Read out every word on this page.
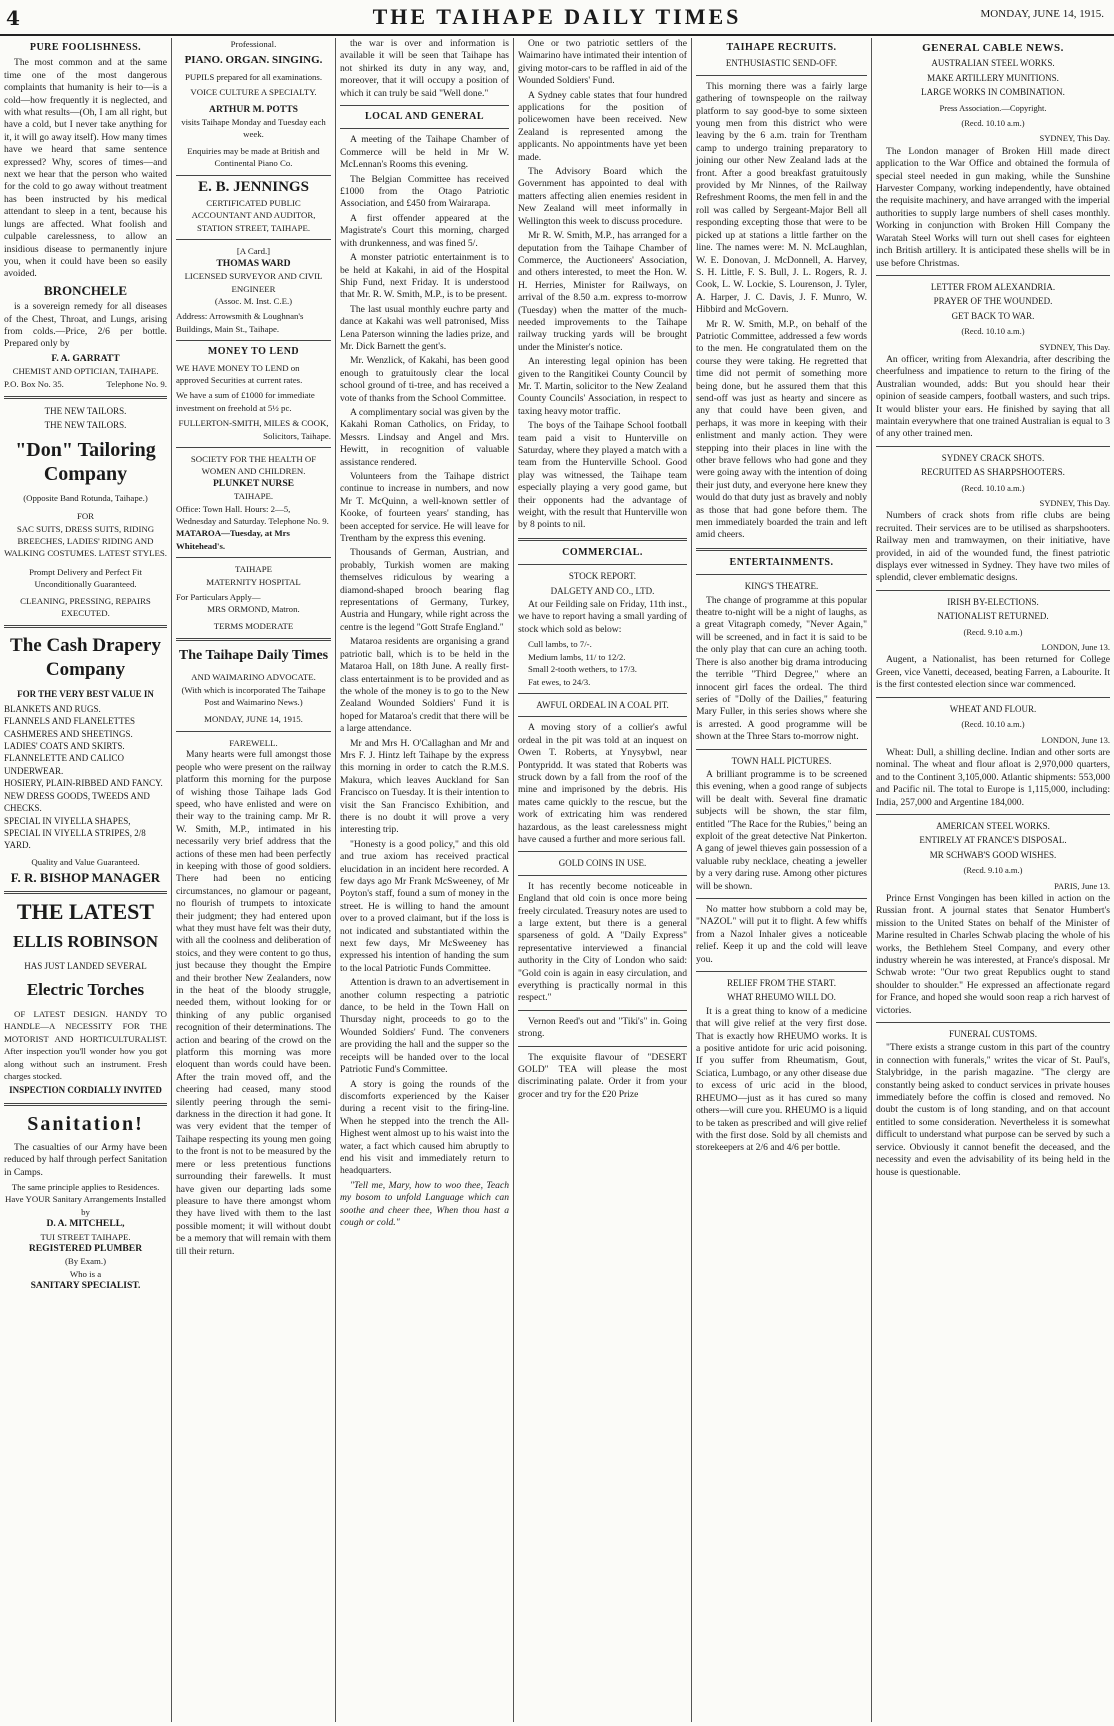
4	THE TAIHAPE DAILY TIMES	MONDAY, JUNE 14, 1915.
PURE FOOLISHNESS.

The most common and at the same time one of the most dangerous complaints that humanity is heir to—is a cold—how frequently it is neglected, and with what results—(Oh, I am all right, but have a cold, but I never take anything for it, it will go away itself). How many times have we heard that same sentence expressed? Why, scores of times—and next we hear that the person who waited for the cold to go away without treatment has been instructed by his medical attendant to sleep in a tent, because his lungs are affected. What foolish and culpable carelessness, to allow an insidious disease to permanently injure you, when it could have been so easily avoided.

BRONCHELE

is a sovereign remedy for all diseases of the Chest, Throat, and Lungs, arising from colds.—Price, 2/6 per bottle. Prepared only by

F. A. GARRATT
CHEMIST AND OPTICIAN, TAIHAPE.
P.O. Box No. 35.	Telephone No. 9.
THE NEW TAILORS.
THE NEW TAILORS.
"Don" Tailoring Company
(Opposite Band Rotunda, Taihape.)
FOR
SAC SUITS, DRESS SUITS, RIDING BREECHES, LADIES' RIDING AND WALKING COSTUMES. LATEST STYLES.
Prompt Delivery and Perfect Fit Unconditionally Guaranteed.
CLEANING, PRESSING, REPAIRS EXECUTED.
The Cash Drapery Company
FOR THE VERY BEST VALUE IN
BLANKETS AND RUGS.
FLANNELS AND FLANELETTES
CASHMERES AND SHEETINGS.
LADIES' COATS AND SKIRTS.
FLANNELETTE AND CALICO UNDERWEAR.
HOSIERY, PLAIN-RIBBED AND FANCY.
NEW DRESS GOODS, TWEEDS AND CHECKS.
SPECIAL IN VIYELLA SHAPES,
SPECIAL IN VIYELLA STRIPES, 2/8 YARD.
Quality and Value Guaranteed.
F. R. BISHOP MANAGER
THE LATEST
ELLIS ROBINSON
HAS JUST LANDED SEVERAL
Electric Torches

OF LATEST DESIGN. HANDY TO HANDLE—A NECESSITY FOR THE MOTORIST AND HORTICULTURALIST. After inspection you'll wonder how you got along without such an instrument. Fresh charges stocked.

INSPECTION CORDIALLY INVITED
Sanitation!

The casualties of our Army have been reduced by half through perfect Sanitation in Camps.

The same principle applies to Residences.
Have YOUR Sanitary Arrangements Installed by
D. A. MITCHELL,
TUI STREET TAIHAPE.
REGISTERED PLUMBER
(By Exam.)
Who is a
SANITARY SPECIALIST.
Professional.
PIANO. ORGAN. SINGING.
PUPILS prepared for all examinations.
VOICE CULTURE A SPECIALTY.
ARTHUR M. POTTS
visits Taihape Monday and Tuesday each week.
Enquiries may be made at British and Continental Piano Co.
E. B. JENNINGS
CERTIFICATED PUBLIC ACCOUNTANT AND AUDITOR,
STATION STREET, TAIHAPE.
[A Card.]
THOMAS WARD
LICENSED SURVEYOR AND CIVIL ENGINEER
(Assoc. M. Inst. C.E.)
Address: Arrowsmith & Loughnan's Buildings, Main St., Taihape.
MONEY TO LEND
WE HAVE MONEY TO LEND on approved Securities at current rates.
We have a sum of £1000 for immediate investment on freehold at 5½ pc.
FULLERTON-SMITH, MILES & COOK,
Solicitors, Taihape.
SOCIETY FOR THE HEALTH OF WOMEN AND CHILDREN.
PLUNKET NURSE
TAIHAPE.
Office: Town Hall. Hours: 2—5, Wednesday and Saturday. Telephone No. 9.
MATAROA—Tuesday, at Mrs Whitehead's.
TAIHAPE
MATERNITY HOSPITAL
For Particulars Apply—
MRS ORMOND, Matron.
TERMS MODERATE
The Taihape Daily Times
AND WAIMARINO ADVOCATE.
(With which is incorporated The Taihape Post and Waimarino News.)
MONDAY, JUNE 14, 1915.
FAREWELL.

Many hearts were full amongst those people who were present on the railway platform this morning for the purpose of wishing those Taihape lads God speed, who have enlisted and were on their way to the training camp. Mr R. W. Smith, M.P., intimated in his necessarily very brief address that the actions of these men had been perfectly in keeping with those of good soldiers. There had been no enticing circumstances, no glamour or pageant, no flourish of trumpets to intoxicate their judgment; they had entered upon what they must have felt was their duty, with all the coolness and deliberation of stoics, and they were content to go thus, just because they thought the Empire and their brother New Zealanders, now in the heat of the bloody struggle, needed them, without looking for or thinking of any public organised recognition of their determinations. The action and bearing of the crowd on the platform this morning was more eloquent than words could have been. After the train moved off, and the cheering had ceased, many stood silently peering through the semi-darkness in the direction it had gone. It was very evident that the temper of Taihape respecting its young men going to the front is not to be measured by the mere or less pretentious functions surrounding their farewells. It must have given our departing lads some pleasure to have there amongst whom they have lived with them to the last possible moment; it will without doubt be a memory that will remain with them till their return.

the war is over and information is available it will be seen that Taihape has not shirked its duty in any way, and, moreover, that it will occupy a position of which it can truly be said "Well done."

LOCAL AND GENERAL

A meeting of the Taihape Chamber of Commerce will be held in Mr W. McLennan's Rooms this evening.

The Belgian Committee has received £1000 from the Otago Patriotic Association, and £450 from Wairarapa.

A first offender appeared at the Magistrate's Court this morning, charged with drunkenness, and was fined 5/.

A monster patriotic entertainment is to be held at Kakahi, in aid of the Hospital Ship Fund, next Friday. It is understood that Mr. R. W. Smith, M.P., is to be present.

The last usual monthly euchre party and dance at Kakahi was well patronised, Miss Lena Paterson winning the ladies prize, and Mr. Dick Barnett the gent's.

Mr. Wenzlick, of Kakahi, has been good enough to gratuitously clear the local school ground of ti-tree, and has received a vote of thanks from the School Committee.

A complimentary social was given by the Kakahi Roman Catholics, on Friday, to Messrs. Lindsay and Angel and Mrs. Hewitt, in recognition of valuable assistance rendered.

Volunteers from the Taihape district continue to increase in numbers, and now Mr T. McQuinn, a well-known settler of Kooke, of fourteen years' standing, has been accepted for service. He will leave for Trentham by the express this evening.

Thousands of German, Austrian, and probably, Turkish women are making themselves ridiculous by wearing a diamond-shaped brooch bearing flag representations of Germany, Turkey, Austria and Hungary, while right across the centre is the legend "Gott Strafe England."

Mataroa residents are organising a grand patriotic ball, which is to be held in the Mataroa Hall, on 18th June. A really first-class entertainment is to be provided and as the whole of the money is to go to the New Zealand Wounded Soldiers' Fund it is hoped for Mataroa's credit that there will be a large attendance.

Mr and Mrs H. O'Callaghan and Mr and Mrs F. J. Hintz left Taihape by the express this morning in order to catch the R.M.S. Makura, which leaves Auckland for San Francisco on Tuesday. It is their intention to visit the San Francisco Exhibition, and there is no doubt it will prove a very interesting trip.

"Honesty is a good policy," and this old and true axiom has received practical elucidation in an incident here recorded. A few days ago Mr Frank McSweeney, of Mr Poyton's staff, found a sum of money in the street. He is willing to hand the amount over to a proved claimant, but if the loss is not indicated and substantiated within the next few days, Mr McSweeney has expressed his intention of handing the sum to the local Patriotic Funds Committee.

Attention is drawn to an advertisement in another column respecting a patriotic dance, to be held in the Town Hall on Thursday night, proceeds to go to the Wounded Soldiers' Fund. The conveners are providing the hall and the supper so the receipts will be handed over to the local Patriotic Fund's Committee.

A story is going the rounds of the discomforts experienced by the Kaiser during a recent visit to the firing-line. When he stepped into the trench the All-Highest went almost up to his waist into the water, a fact which caused him abruptly to end his visit and immediately return to headquarters.

"Tell me, Mary, how to woo thee, Teach my bosom to unfold Language which can soothe and cheer thee, When thou hast a cough or cold."

One or two patriotic settlers of the Waimarino have intimated their intention of giving motor-cars to be raffled in aid of the Wounded Soldiers' Fund.

A Sydney cable states that four hundred applications for the position of policewomen have been received. New Zealand is represented among the applicants. No appointments have yet been made.

The Advisory Board which the Government has appointed to deal with matters affecting alien enemies resident in New Zealand will meet informally in Wellington this week to discuss procedure.

Mr R. W. Smith, M.P., has arranged for a deputation from the Taihape Chamber of Commerce, the Auctioneers' Association, and others interested, to meet the Hon. W. H. Herries, Minister for Railways, on arrival of the 8.50 a.m. express to-morrow (Tuesday) when the matter of the much-needed improvements to the Taihape railway trucking yards will be brought under the Minister's notice.

An interesting legal opinion has been given to the Rangitikei County Council by Mr. T. Martin, solicitor to the New Zealand County Councils' Association, in respect to taxing heavy motor traffic.

The boys of the Taihape School football team paid a visit to Hunterville on Saturday, where they played a match with a team from the Hunterville School. Good play was witnessed, the Taihape team especially playing a very good game, but their opponents had the advantage of weight, with the result that Hunterville won by 8 points to nil.

COMMERCIAL.
STOCK REPORT.
DALGETY AND CO., LTD.

At our Feilding sale on Friday, 11th inst., we have to report having a small yarding of stock which sold as below:

Cull lambs, to 7/-.
Medium lambs, 11/ to 12/2.
Small 2-tooth wethers, to 17/3.
Fat ewes, to 24/3.
AWFUL ORDEAL IN A COAL PIT.

A moving story of a collier's awful ordeal in the pit was told at an inquest on Owen T. Roberts, at Ynysybwl, near Pontypridd. It was stated that Roberts was struck down by a fall from the roof of the mine and imprisoned by the debris. His mates came quickly to the rescue, but the work of extricating him was rendered hazardous, as the least carelessness might have caused a further and more serious fall.

GOLD COINS IN USE.

It has recently become noticeable in England that old coin is once more being freely circulated. Treasury notes are used to a large extent, but there is a general sparseness of gold. A "Daily Express" representative interviewed a financial authority in the City of London who said: "Gold coin is again in easy circulation, and everything is practically normal in this respect."

Vernon Reed's out and "Tiki's" in. Going strong.

The exquisite flavour of "DESERT GOLD" TEA will please the most discriminating palate. Order it from your grocer and try for the £20 Prize

TAIHAPE RECRUITS.
ENTHUSIASTIC SEND-OFF.

This morning there was a fairly large gathering of townspeople on the railway platform to say good-bye to some sixteen young men from this district who were leaving by the 6 a.m. train for Trentham camp to undergo training preparatory to joining our other New Zealand lads at the front. After a good breakfast gratuitously provided by Mr Ninnes, of the Railway Refreshment Rooms, the men fell in and the roll was called by Sergeant-Major Bell all responding excepting those that were to be picked up at stations a little farther on the line. The names were: M. N. McLaughlan, W. E. Donovan, J. McDonnell, A. Harvey, S. H. Little, F. S. Bull, J. L. Rogers, R. J. Cook, L. W. Lockie, S. Lourenson, J. Tyler, A. Harper, J. C. Davis, J. F. Munro, W. Hibbird and McGovern.

Mr R. W. Smith, M.P., on behalf of the Patriotic Committee, addressed a few words to the men. He congratulated them on the course they were taking. He regretted that time did not permit of something more being done, but he assured them that this send-off was just as hearty and sincere as any that could have been given, and perhaps, it was more in keeping with their enlistment and manly action. They were stepping into their places in line with the other brave fellows who had gone and they were going away with the intention of doing their just duty, and everyone here knew they would do that duty just as bravely and nobly as those that had gone before them. The men immediately boarded the train and left amid cheers.

ENTERTAINMENTS.
KING'S THEATRE.

The change of programme at this popular theatre to-night will be a night of laughs, as a great Vitagraph comedy, "Never Again," will be screened, and in fact it is said to be the only play that can cure an aching tooth. There is also another big drama introducing the terrible "Third Degree," where an innocent girl faces the ordeal. The third series of "Dolly of the Dailies," featuring Mary Fuller, in this series shows where she is arrested. A good programme will be shown at the Three Stars to-morrow night.

TOWN HALL PICTURES.

A brilliant programme is to be screened this evening, when a good range of subjects will be dealt with. Several fine dramatic subjects will be shown, the star film, entitled "The Race for the Rubies," being an exploit of the great detective Nat Pinkerton. A gang of jewel thieves gain possession of a valuable ruby necklace, cheating a jeweller by a very daring ruse. Among other pictures will be shown.

No matter how stubborn a cold may be, "NAZOL" will put it to flight. A few whiffs from a Nazol Inhaler gives a noticeable relief. Keep it up and the cold will leave you.

RELIEF FROM THE START.
WHAT RHEUMO WILL DO.

It is a great thing to know of a medicine that will give relief at the very first dose. That is exactly how RHEUMO works. It is a positive antidote for uric acid poisoning. If you suffer from Rheumatism, Gout, Sciatica, Lumbago, or any other disease due to excess of uric acid in the blood, RHEUMO—just as it has cured so many others—will cure you. RHEUMO is a liquid to be taken as prescribed and will give relief with the first dose. Sold by all chemists and storekeepers at 2/6 and 4/6 per bottle.

GENERAL CABLE NEWS.
AUSTRALIAN STEEL WORKS.
MAKE ARTILLERY MUNITIONS.
LARGE WORKS IN COMBINATION.
Press Association.—Copyright.
(Recd. 10.10 a.m.)
SYDNEY, This Day.

The London manager of Broken Hill made direct application to the War Office and obtained the formula of special steel needed in gun making, while the Sunshine Harvester Company, working independently, have obtained the requisite machinery, and have arranged with the imperial authorities to supply large numbers of shell cases monthly. Working in conjunction with Broken Hill Company the Waratah Steel Works will turn out shell cases for eighteen inch British artillery. It is anticipated these shells will be in use before Christmas.

LETTER FROM ALEXANDRIA.
PRAYER OF THE WOUNDED.
GET BACK TO WAR.
(Recd. 10.10 a.m.)
SYDNEY, This Day.

An officer, writing from Alexandria, after describing the cheerfulness and impatience to return to the firing of the Australian wounded, adds: But you should hear their opinion of seaside campers, football wasters, and such trips. It would blister your ears. He finished by saying that all maintain everywhere that one trained Australian is equal to 3 of any other trained men.

SYDNEY CRACK SHOTS.
RECRUITED AS SHARPSHOOTERS.
(Recd. 10.10 a.m.)
SYDNEY, This Day.

Numbers of crack shots from rifle clubs are being recruited. Their services are to be utilised as sharpshooters. Railway men and tramwaymen, on their initiative, have provided, in aid of the wounded fund, the finest patriotic displays ever witnessed in Sydney. They have two miles of splendid, clever emblematic designs.

IRISH BY-ELECTIONS.
NATIONALIST RETURNED.
(Recd. 9.10 a.m.)
LONDON, June 13.

Augent, a Nationalist, has been returned for College Green, vice Vanetti, deceased, beating Farren, a Labourite. It is the first contested election since war commenced.

WHEAT AND FLOUR.
(Recd. 10.10 a.m.)
LONDON, June 13.

Wheat: Dull, a shilling decline. Indian and other sorts are nominal. The wheat and flour afloat is 2,970,000 quarters, and to the Continent 3,105,000. Atlantic shipments: 553,000 and Pacific nil. The total to Europe is 1,115,000, including: India, 257,000 and Argentine 184,000.

AMERICAN STEEL WORKS.
ENTIRELY AT FRANCE'S DISPOSAL.
MR SCHWAB'S GOOD WISHES.
(Recd. 9.10 a.m.)
PARIS, June 13.

Prince Ernst Vongingen has been killed in action on the Russian front. A journal states that Senator Humbert's mission to the United States on behalf of the Minister of Marine resulted in Charles Schwab placing the whole of his works, the Bethlehem Steel Company, and every other industry wherein he was interested, at France's disposal. Mr Schwab wrote: "Our two great Republics ought to stand shoulder to shoulder." He expressed an affectionate regard for France, and hoped she would soon reap a rich harvest of victories.

FUNERAL CUSTOMS.

"There exists a strange custom in this part of the country in connection with funerals," writes the vicar of St. Paul's, Stalybridge, in the parish magazine. "The clergy are constantly being asked to conduct services in private houses immediately before the coffin is closed and removed. No doubt the custom is of long standing, and on that account entitled to some consideration. Nevertheless it is somewhat difficult to understand what purpose can be served by such a service. Obviously it cannot benefit the deceased, and the necessity and even the advisability of its being held in the house is questionable.
